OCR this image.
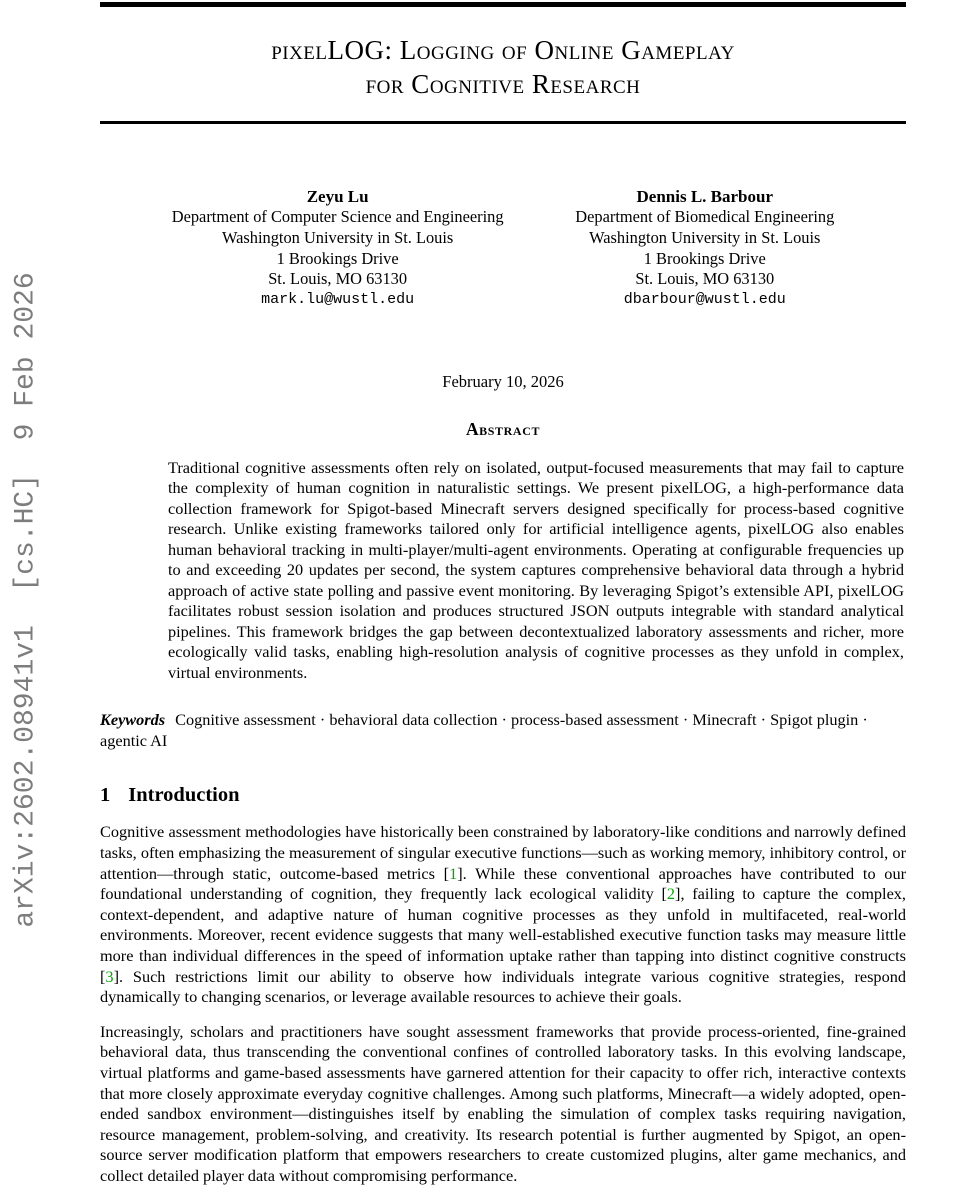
arXiv:2602.08941v1  [cs.HC]  9 Feb 2026
pixelLOG: Logging of Online Gameplay
for Cognitive Research
Zeyu Lu
Department of Computer Science and Engineering
Washington University in St. Louis
1 Brookings Drive
St. Louis, MO 63130
mark.lu@wustl.edu
Dennis L. Barbour
Department of Biomedical Engineering
Washington University in St. Louis
1 Brookings Drive
St. Louis, MO 63130
dbarbour@wustl.edu
February 10, 2026
Abstract
Traditional cognitive assessments often rely on isolated, output-focused measurements that may fail to capture the complexity of human cognition in naturalistic settings. We present pixelLOG, a high-performance data collection framework for Spigot-based Minecraft servers designed specifically for process-based cognitive research. Unlike existing frameworks tailored only for artificial intelligence agents, pixelLOG also enables human behavioral tracking in multi-player/multi-agent environments. Operating at configurable frequencies up to and exceeding 20 updates per second, the system captures comprehensive behavioral data through a hybrid approach of active state polling and passive event monitoring. By leveraging Spigot’s extensible API, pixelLOG facilitates robust session isolation and produces structured JSON outputs integrable with standard analytical pipelines. This framework bridges the gap between decontextualized laboratory assessments and richer, more ecologically valid tasks, enabling high-resolution analysis of cognitive processes as they unfold in complex, virtual environments.
Keywords Cognitive assessment · behavioral data collection · process-based assessment · Minecraft · Spigot plugin · agentic AI
1 Introduction

Cognitive assessment methodologies have historically been constrained by laboratory-like conditions and narrowly defined tasks, often emphasizing the measurement of singular executive functions—such as working memory, inhibitory control, or attention—through static, outcome-based metrics [1]. While these conventional approaches have contributed to our foundational understanding of cognition, they frequently lack ecological validity [2], failing to capture the complex, context-dependent, and adaptive nature of human cognitive processes as they unfold in multifaceted, real-world environments. Moreover, recent evidence suggests that many well-established executive function tasks may measure little more than individual differences in the speed of information uptake rather than tapping into distinct cognitive constructs [3]. Such restrictions limit our ability to observe how individuals integrate various cognitive strategies, respond dynamically to changing scenarios, or leverage available resources to achieve their goals.

Increasingly, scholars and practitioners have sought assessment frameworks that provide process-oriented, fine-grained behavioral data, thus transcending the conventional confines of controlled laboratory tasks. In this evolving landscape, virtual platforms and game-based assessments have garnered attention for their capacity to offer rich, interactive contexts that more closely approximate everyday cognitive challenges. Among such platforms, Minecraft—a widely adopted, open-ended sandbox environment—distinguishes itself by enabling the simulation of complex tasks requiring navigation, resource management, problem-solving, and creativity. Its research potential is further augmented by Spigot, an open-source server modification platform that empowers researchers to create customized plugins, alter game mechanics, and collect detailed player data without compromising performance.
